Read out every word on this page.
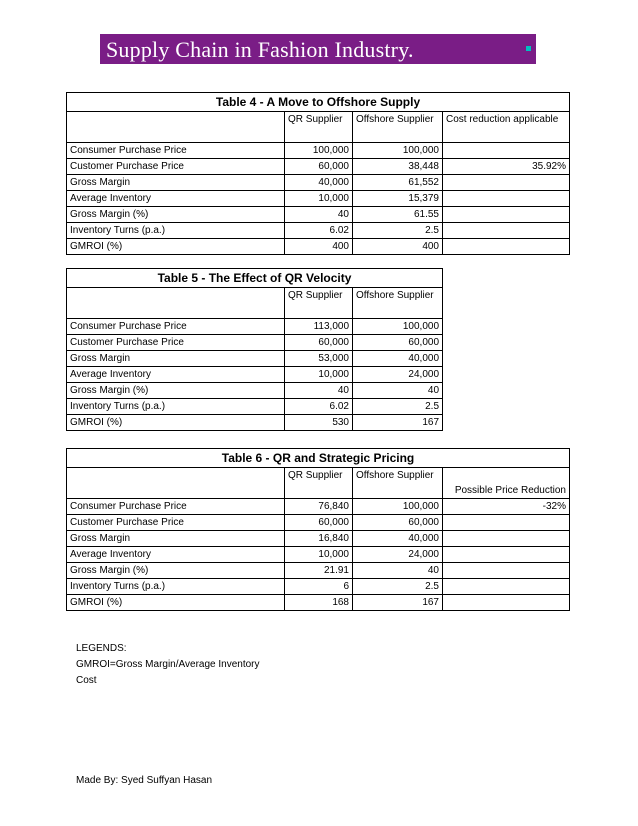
Supply Chain in Fashion Industry.
Table 4 - A Move to Offshore Supply			
	QR Supplier	Offshore Supplier	Cost reduction applicable
Consumer Purchase Price	100,000	100,000	
Customer Purchase Price	60,000	38,448	35.92%
Gross Margin	40,000	61,552	
Average Inventory	10,000	15,379	
Gross Margin (%)	40	61.55	
Inventory Turns (p.a.)	6.02	2.5	
GMROI (%)	400	400	
Table 5 - The Effect of QR Velocity		
	QR Supplier	Offshore Supplier
Consumer Purchase Price	113,000	100,000
Customer Purchase Price	60,000	60,000
Gross Margin	53,000	40,000
Average Inventory	10,000	24,000
Gross Margin (%)	40	40
Inventory Turns (p.a.)	6.02	2.5
GMROI (%)	530	167
Table 6 - QR and Strategic Pricing			
	QR Supplier	Offshore Supplier	Possible Price Reduction
Consumer Purchase Price	76,840	100,000	-32%
Customer Purchase Price	60,000	60,000	
Gross Margin	16,840	40,000	
Average Inventory	10,000	24,000	
Gross Margin (%)	21.91	40	
Inventory Turns (p.a.)	6	2.5	
GMROI (%)	168	167	
LEGENDS:
GMROI=Gross Margin/Average Inventory
Cost
Made By: Syed Suffyan Hasan
